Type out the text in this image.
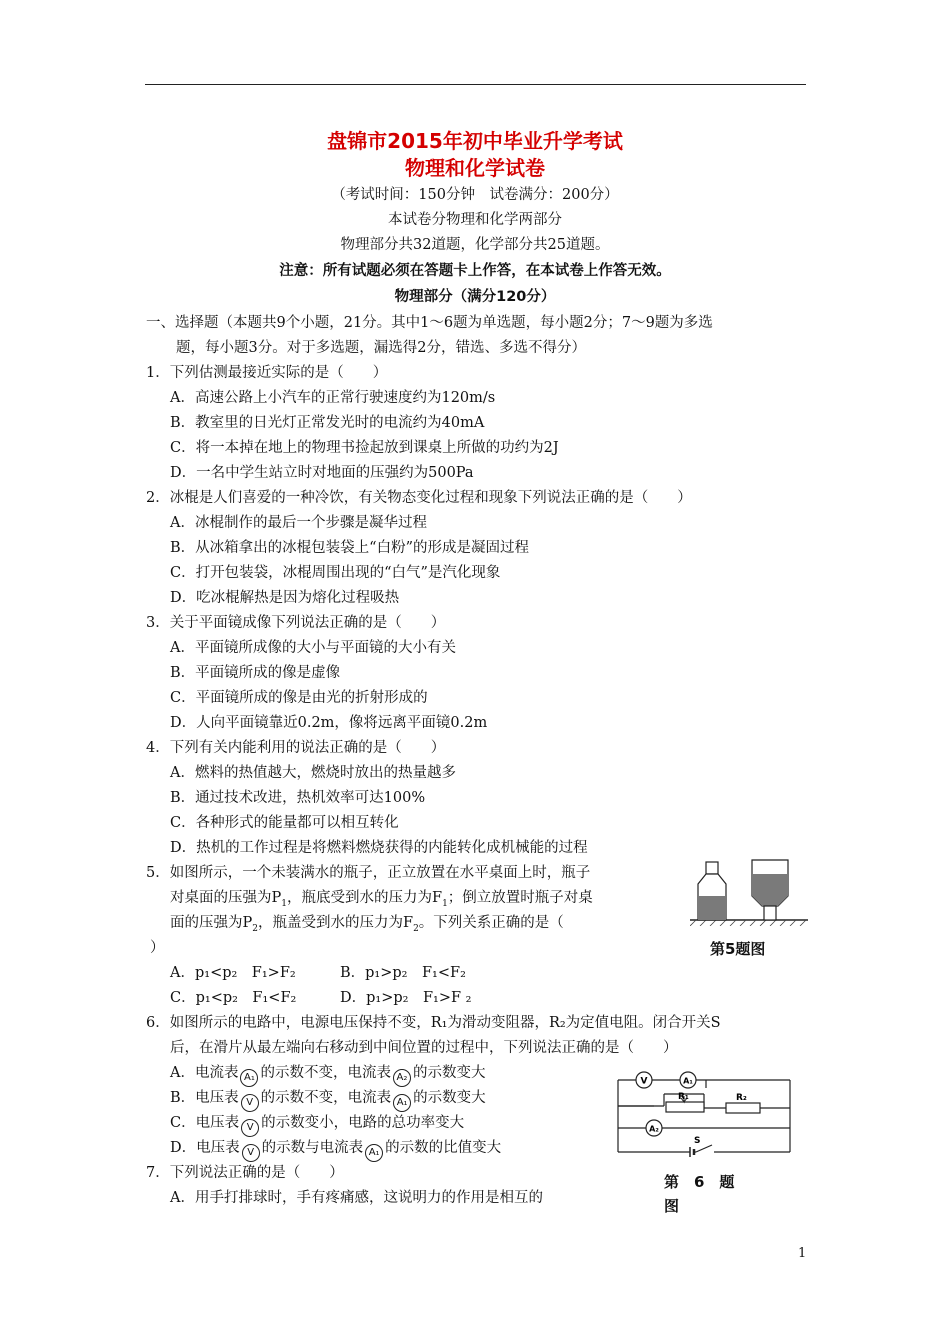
盘锦市2015年初中毕业升学考试
物理和化学试卷
（考试时间：150分钟　试卷满分：200分）
本试卷分物理和化学两部分
物理部分共32道题，化学部分共25道题。
注意：所有试题必须在答题卡上作答，在本试卷上作答无效。
物理部分（满分120分）
一、选择题（本题共9个小题，21分。其中1～6题为单选题，每小题2分；7～9题为多选
题，每小题3分。对于多选题，漏选得2分，错选、多选不得分）
1．下列估测最接近实际的是（　　）
A．高速公路上小汽车的正常行驶速度约为120m/s
B．教室里的日光灯正常发光时的电流约为40mA
C．将一本掉在地上的物理书捡起放到课桌上所做的功约为2J
D．一名中学生站立时对地面的压强约为500Pa
2．冰棍是人们喜爱的一种冷饮，有关物态变化过程和现象下列说法正确的是（　　）
A．冰棍制作的最后一个步骤是凝华过程
B．从冰箱拿出的冰棍包装袋上“白粉”的形成是凝固过程
C．打开包装袋，冰棍周围出现的“白气”是汽化现象
D．吃冰棍解热是因为熔化过程吸热
3．关于平面镜成像下列说法正确的是（　　）
A．平面镜所成像的大小与平面镜的大小有关
B．平面镜所成的像是虚像
C．平面镜所成的像是由光的折射形成的
D．人向平面镜靠近0.2m，像将远离平面镜0.2m
4．下列有关内能利用的说法正确的是（　　）
A．燃料的热值越大，燃烧时放出的热量越多
B．通过技术改进，热机效率可达100%
C．各种形式的能量都可以相互转化
D．热机的工作过程是将燃料燃烧获得的内能转化成机械能的过程
5．如图所示，一个未装满水的瓶子，正立放置在水平桌面上时，瓶子
对桌面的压强为$P_1$，瓶底受到水的压力为$F_1$；倒立放置时瓶子对桌
面的压强为$P_2$，瓶盖受到水的压力为$F_2$。下列关系正确的是（
）
A．p₁<p₂　F₁>F₂	B．p₁>p₂　F₁<F₂
C．p₁<p₂　F₁<F₂	D．p₁>p₂　F₁>F ₂
第5题图
6．如图所示的电路中，电源电压保持不变，R₁为滑动变阻器，R₂为定值电阻。闭合开关S
后，在滑片从最左端向右移动到中间位置的过程中，下列说法正确的是（　　）
A．电流表 A₁ 的示数不变，电流表 A₂ 的示数变大
B．电压表 V 的示数不变，电流表 A₁ 的示数变大
C．电压表 V 的示数变小，电路的总功率变大
D．电压表 V 的示数与电流表 A₁ 的示数的比值变大
V	A₁
A₂
R₁	R₂
S
第　6　题
图
7．下列说法正确的是（　　）
A．用手打排球时，手有疼痛感，这说明力的作用是相互的
1
